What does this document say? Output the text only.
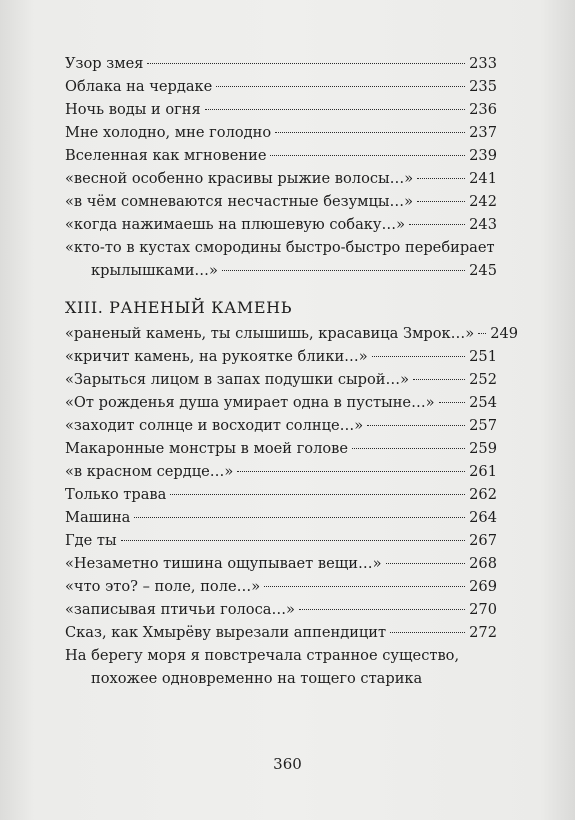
Узор змея	233
Облака на чердаке	235
Ночь воды и огня	236
Мне холодно, мне голодно	237
Вселенная как мгновение	239
«весной особенно красивы рыжие волосы…»	241
«в чём сомневаются несчастные безумцы…»	242
«когда нажимаешь на плюшевую собаку…»	243
«кто-то в кустах смородины быстро-быстро перебирает
крылышками…»	245
XIII. РАНЕНЫЙ КАМЕНЬ
«раненый камень, ты слышишь, красавица Змрок…» 249
«кричит камень, на рукоятке блики…»	251
«Зарыться лицом в запах подушки сырой…»	252
«От рожденья душа умирает одна в пустыне…» 254
«заходит солнце и восходит солнце…»	257
Макаронные монстры в моей голове	259
«в красном сердце…»	261
Только трава	262
Машина	264
Где ты	267
«Незаметно тишина ощупывает вещи…»	268
«что это? – поле, поле…»	269
«записывая птичьи голоса…»	270
Сказ, как Хмырёву вырезали аппендицит	272
На берегу моря я повстречала странное существо,
похожее одновременно на тощего старика
360
